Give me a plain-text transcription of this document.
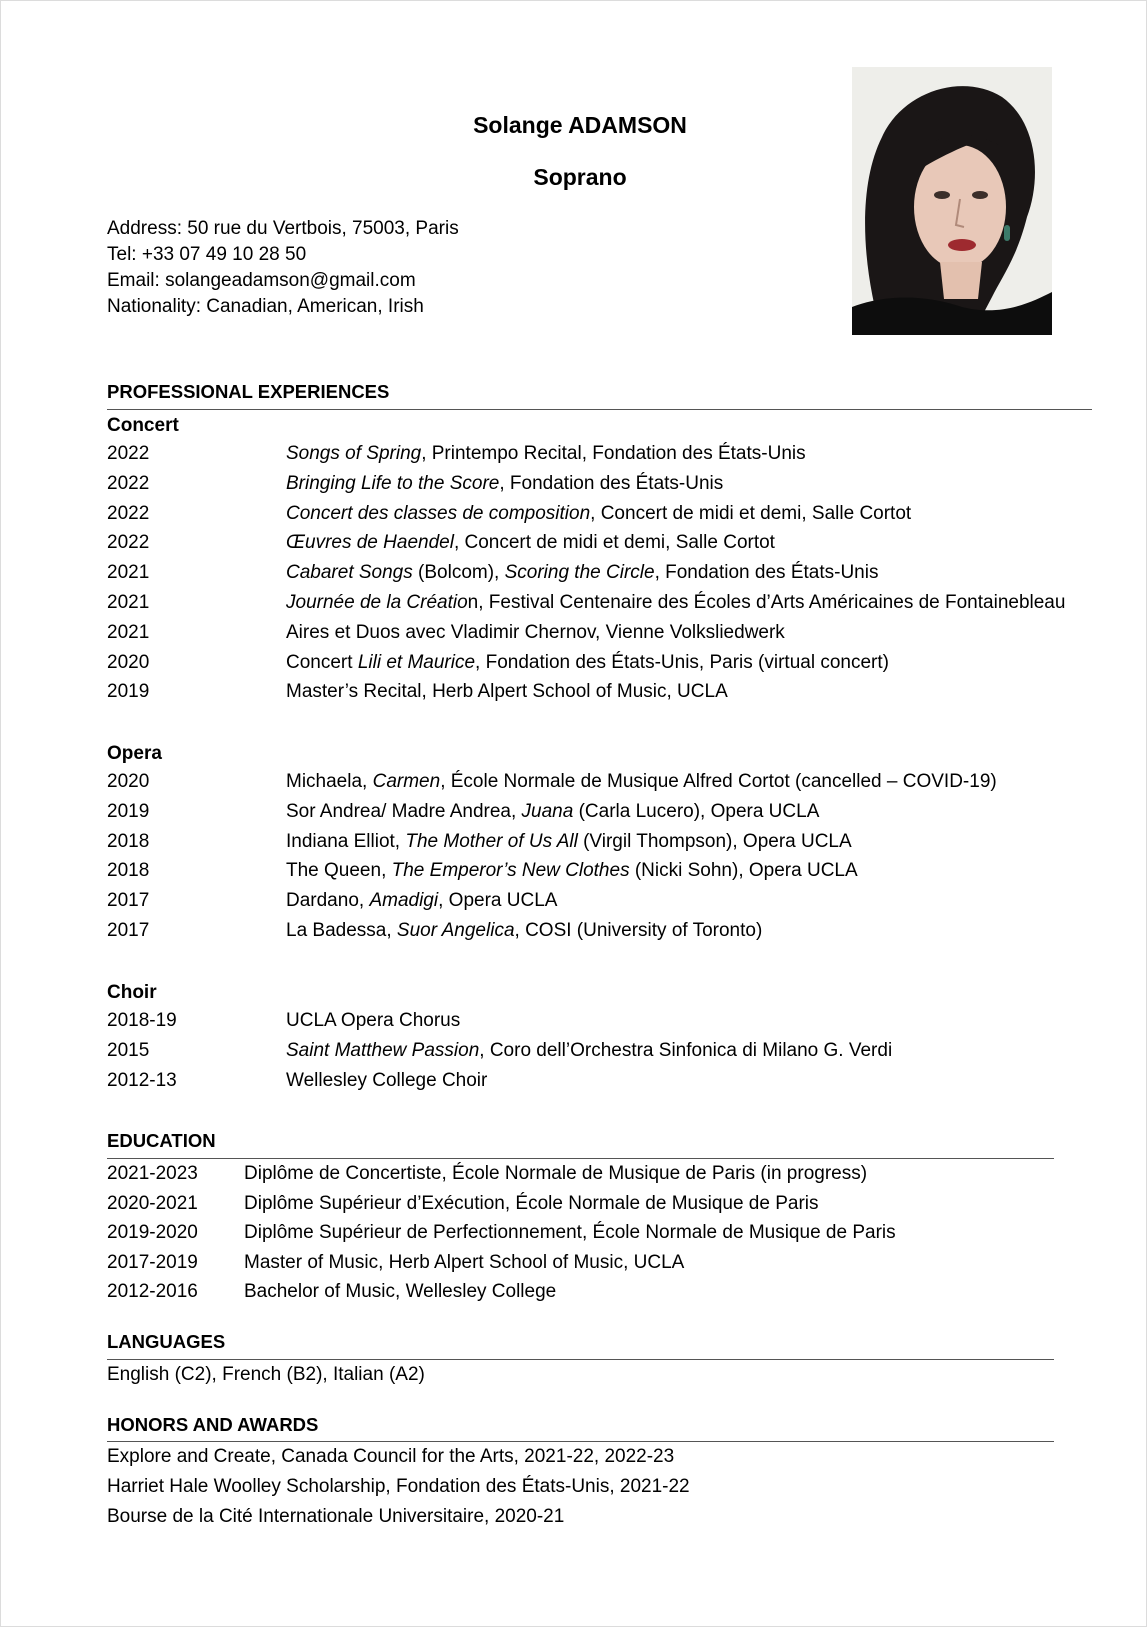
Solange ADAMSON
Soprano
Address: 50 rue du Vertbois, 75003, Paris
Tel: +33 07 49 10 28 50
Email: solangeadamson@gmail.com
Nationality: Canadian, American, Irish
PROFESSIONAL EXPERIENCES
Concert
2022	Songs of Spring, Printempo Recital, Fondation des États-Unis
2022	Bringing Life to the Score, Fondation des États-Unis
2022	Concert des classes de composition, Concert de midi et demi, Salle Cortot
2022	Œuvres de Haendel, Concert de midi et demi, Salle Cortot
2021	Cabaret Songs (Bolcom), Scoring the Circle, Fondation des États-Unis
2021	Journée de la Création, Festival Centenaire des Écoles d’Arts Américaines de Fontainebleau
2021	Aires et Duos avec Vladimir Chernov, Vienne Volksliedwerk
2020	Concert Lili et Maurice, Fondation des États-Unis, Paris (virtual concert)
2019	Master’s Recital, Herb Alpert School of Music, UCLA
Opera
2020	Michaela, Carmen, École Normale de Musique Alfred Cortot (cancelled – COVID-19)
2019	Sor Andrea/ Madre Andrea, Juana (Carla Lucero), Opera UCLA
2018	Indiana Elliot, The Mother of Us All (Virgil Thompson), Opera UCLA
2018	The Queen, The Emperor’s New Clothes (Nicki Sohn), Opera UCLA
2017	Dardano, Amadigi, Opera UCLA
2017	La Badessa, Suor Angelica, COSI (University of Toronto)
Choir
2018-19	UCLA Opera Chorus
2015	Saint Matthew Passion, Coro dell’Orchestra Sinfonica di Milano G. Verdi
2012-13	Wellesley College Choir
EDUCATION
2021-2023 Diplôme de Concertiste, École Normale de Musique de Paris (in progress)
2020-2021 Diplôme Supérieur d’Exécution, École Normale de Musique de Paris
2019-2020 Diplôme Supérieur de Perfectionnement, École Normale de Musique de Paris
2017-2019 Master of Music, Herb Alpert School of Music, UCLA
2012-2016 Bachelor of Music, Wellesley College
LANGUAGES
English (C2), French (B2), Italian (A2)
HONORS AND AWARDS
Explore and Create, Canada Council for the Arts, 2021-22, 2022-23
Harriet Hale Woolley Scholarship, Fondation des États-Unis, 2021-22
Bourse de la Cité Internationale Universitaire, 2020-21
